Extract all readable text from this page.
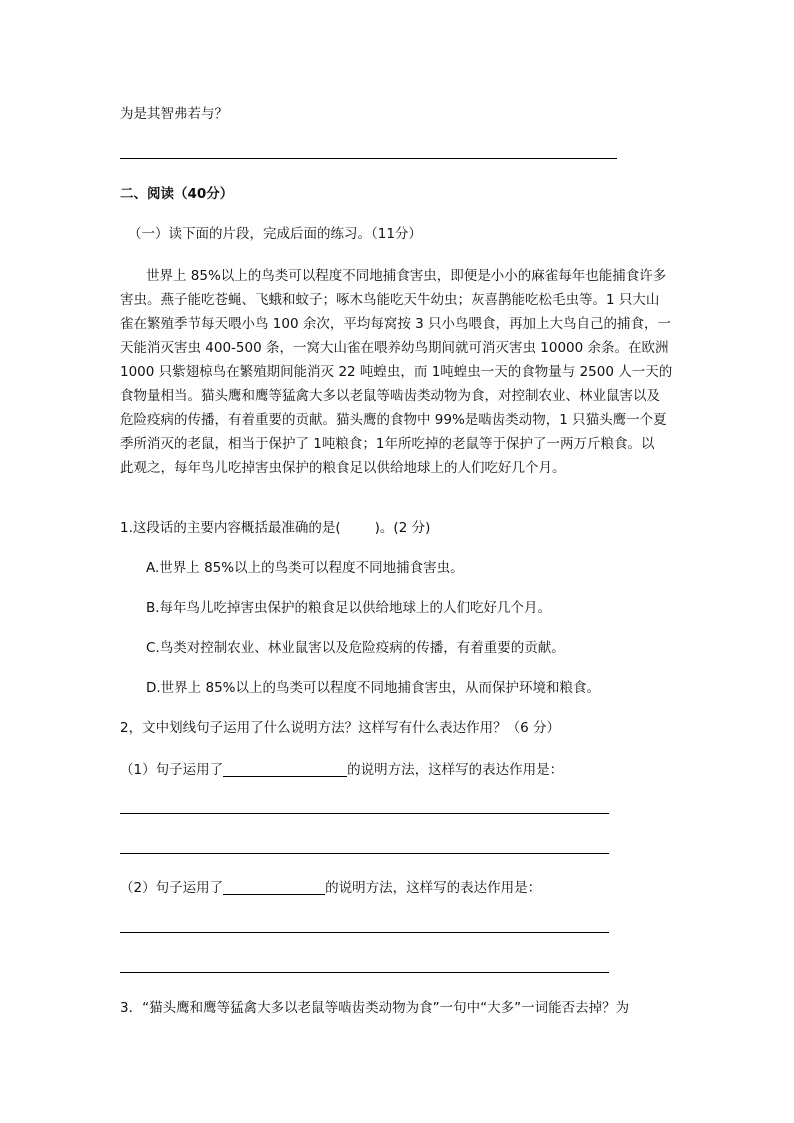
为是其智弗若与？
二、阅读（40分）
（一）读下面的片段，完成后面的练习。（11分）
世界上 85%以上的鸟类可以程度不同地捕食害虫，即便是小小的麻雀每年也能捕食许多
害虫。燕子能吃苍蝇、飞蛾和蚊子；啄木鸟能吃天牛幼虫；灰喜鹊能吃松毛虫等。1 只大山
雀在繁殖季节每天喂小鸟 100 余次，平均每窝按 3 只小鸟喂食，再加上大鸟自己的捕食，一
天能消灭害虫 400-500 条，一窝大山雀在喂养幼鸟期间就可消灭害虫 10000 余条。在欧洲
1000 只紫翅椋鸟在繁殖期间能消灭 22 吨蝗虫，而 1吨蝗虫一天的食物量与 2500 人一天的
食物量相当。猫头鹰和鹰等猛禽大多以老鼠等啮齿类动物为食，对控制农业、林业鼠害以及
危险疫病的传播，有着重要的贡献。猫头鹰的食物中 99%是啮齿类动物，1 只猫头鹰一个夏
季所消灭的老鼠，相当于保护了 1吨粮食；1年所吃掉的老鼠等于保护了一两万斤粮食。以
此观之，每年鸟儿吃掉害虫保护的粮食足以供给地球上的人们吃好几个月。
1.这段话的主要内容概括最准确的是(	)。(2 分)
A.世界上 85%以上的鸟类可以程度不同地捕食害虫。
B.每年鸟儿吃掉害虫保护的粮食足以供给地球上的人们吃好几个月。
C.鸟类对控制农业、林业鼠害以及危险疫病的传播，有着重要的贡献。
D.世界上 85%以上的鸟类可以程度不同地捕食害虫，从而保护环境和粮食。
2，文中划线句子运用了什么说明方法？这样写有什么表达作用？（6 分）
（1）句子运用了	的说明方法，这样写的表达作用是：
（2）句子运用了	的说明方法，这样写的表达作用是：
3．“猫头鹰和鹰等猛禽大多以老鼠等啮齿类动物为食”一句中“大多”一词能否去掉？为
